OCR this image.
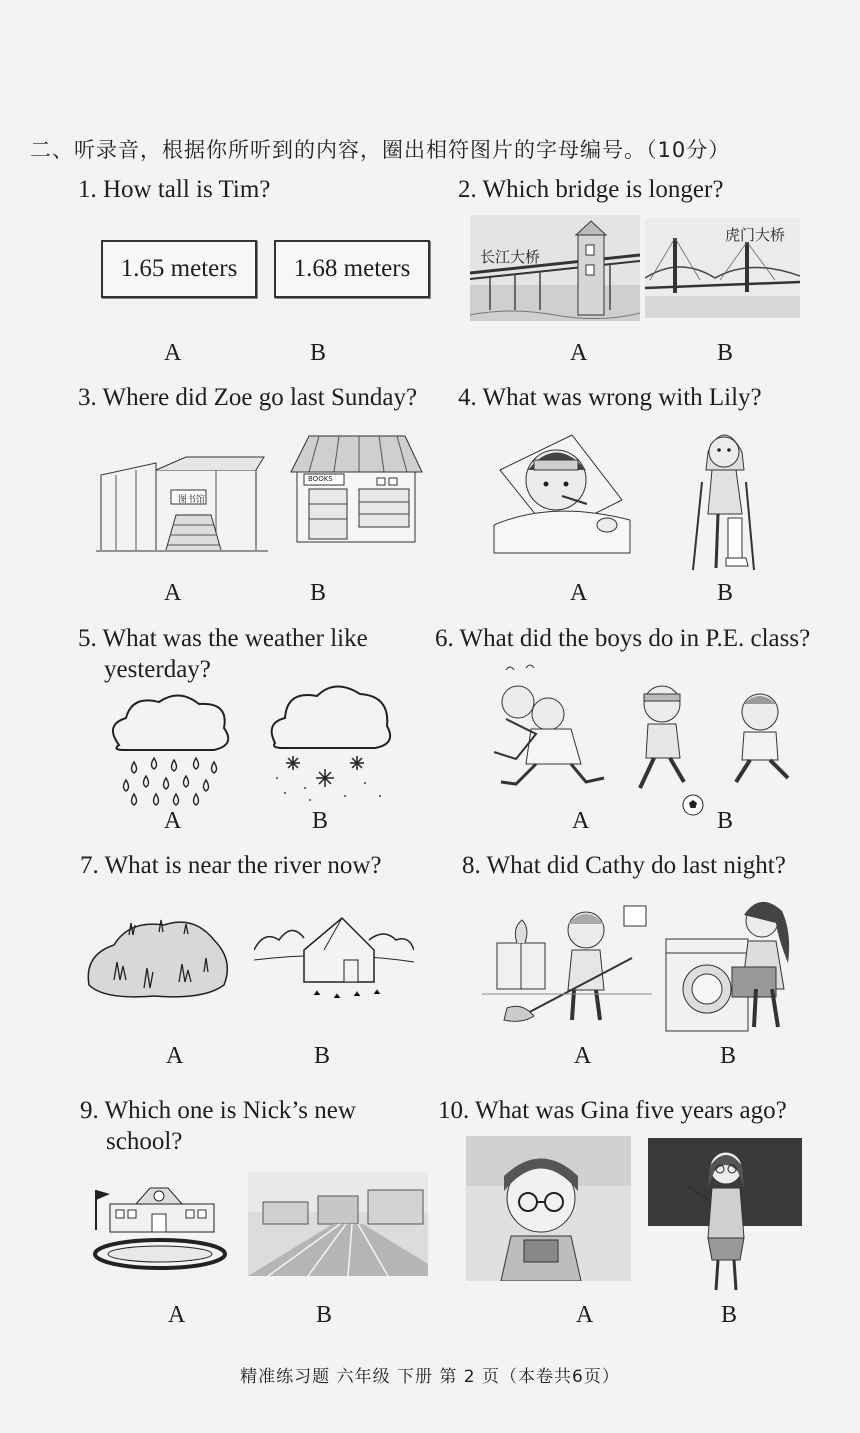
二、听录音，根据你所听到的内容，圈出相符图片的字母编号。（10分）
1. How tall is Tim?
1.65 meters	1.68 meters
A	B
2. Which bridge is longer?
长江大桥
虎门大桥
A	B
3. Where did Zoe go last Sunday?
图书馆
BOOKS
A	B
4. What was wrong with Lily?
A	B
5. What was the weather like
yesterday?
A	B
6. What did the boys do in P.E. class?
A	B
7. What is near the river now?
A	B
8. What did Cathy do last night?
A	B
9. Which one is Nick’s new
school?
A	B
10. What was Gina five years ago?
A	B
精准练习题 六年级 下册 第 2 页（本卷共6页）
